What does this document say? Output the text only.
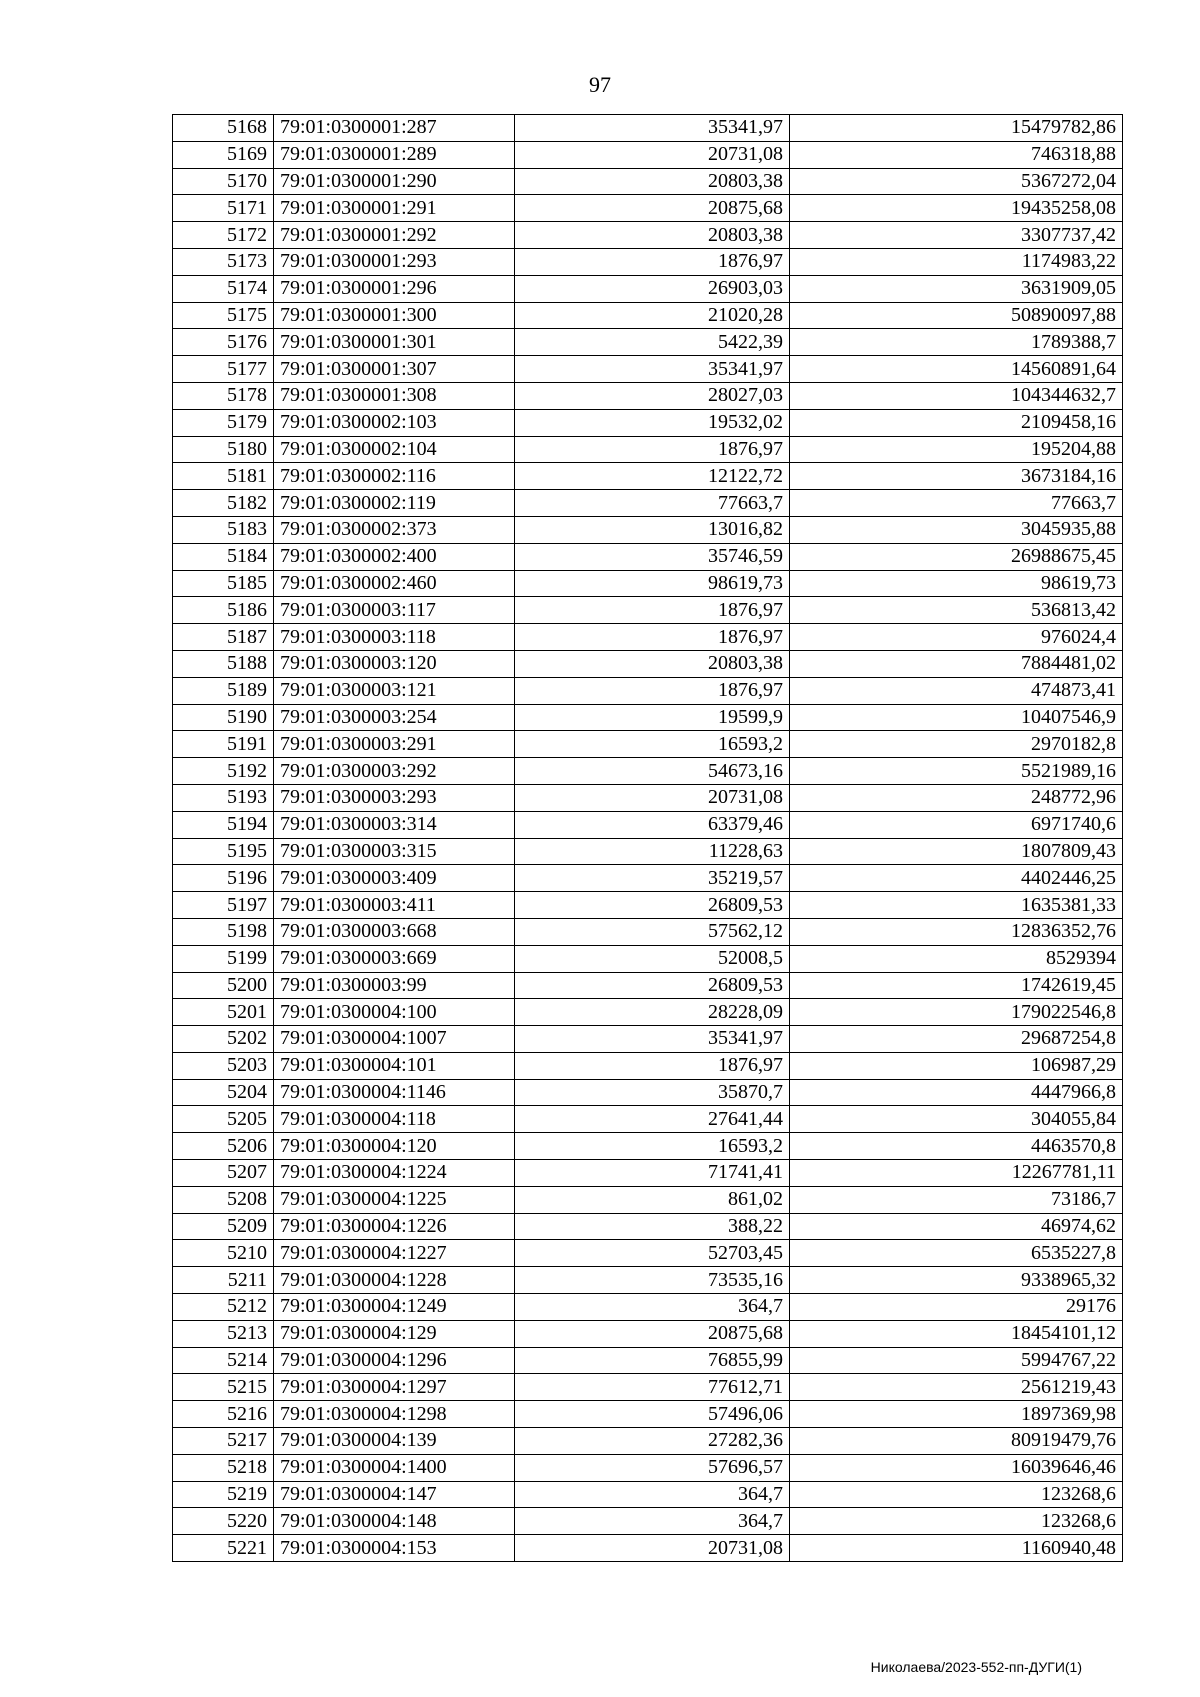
97
5168	79:01:0300001:287	35341,97	15479782,86
5169	79:01:0300001:289	20731,08	746318,88
5170	79:01:0300001:290	20803,38	5367272,04
5171	79:01:0300001:291	20875,68	19435258,08
5172	79:01:0300001:292	20803,38	3307737,42
5173	79:01:0300001:293	1876,97	1174983,22
5174	79:01:0300001:296	26903,03	3631909,05
5175	79:01:0300001:300	21020,28	50890097,88
5176	79:01:0300001:301	5422,39	1789388,7
5177	79:01:0300001:307	35341,97	14560891,64
5178	79:01:0300001:308	28027,03	104344632,7
5179	79:01:0300002:103	19532,02	2109458,16
5180	79:01:0300002:104	1876,97	195204,88
5181	79:01:0300002:116	12122,72	3673184,16
5182	79:01:0300002:119	77663,7	77663,7
5183	79:01:0300002:373	13016,82	3045935,88
5184	79:01:0300002:400	35746,59	26988675,45
5185	79:01:0300002:460	98619,73	98619,73
5186	79:01:0300003:117	1876,97	536813,42
5187	79:01:0300003:118	1876,97	976024,4
5188	79:01:0300003:120	20803,38	7884481,02
5189	79:01:0300003:121	1876,97	474873,41
5190	79:01:0300003:254	19599,9	10407546,9
5191	79:01:0300003:291	16593,2	2970182,8
5192	79:01:0300003:292	54673,16	5521989,16
5193	79:01:0300003:293	20731,08	248772,96
5194	79:01:0300003:314	63379,46	6971740,6
5195	79:01:0300003:315	11228,63	1807809,43
5196	79:01:0300003:409	35219,57	4402446,25
5197	79:01:0300003:411	26809,53	1635381,33
5198	79:01:0300003:668	57562,12	12836352,76
5199	79:01:0300003:669	52008,5	8529394
5200	79:01:0300003:99	26809,53	1742619,45
5201	79:01:0300004:100	28228,09	179022546,8
5202	79:01:0300004:1007	35341,97	29687254,8
5203	79:01:0300004:101	1876,97	106987,29
5204	79:01:0300004:1146	35870,7	4447966,8
5205	79:01:0300004:118	27641,44	304055,84
5206	79:01:0300004:120	16593,2	4463570,8
5207	79:01:0300004:1224	71741,41	12267781,11
5208	79:01:0300004:1225	861,02	73186,7
5209	79:01:0300004:1226	388,22	46974,62
5210	79:01:0300004:1227	52703,45	6535227,8
5211	79:01:0300004:1228	73535,16	9338965,32
5212	79:01:0300004:1249	364,7	29176
5213	79:01:0300004:129	20875,68	18454101,12
5214	79:01:0300004:1296	76855,99	5994767,22
5215	79:01:0300004:1297	77612,71	2561219,43
5216	79:01:0300004:1298	57496,06	1897369,98
5217	79:01:0300004:139	27282,36	80919479,76
5218	79:01:0300004:1400	57696,57	16039646,46
5219	79:01:0300004:147	364,7	123268,6
5220	79:01:0300004:148	364,7	123268,6
5221	79:01:0300004:153	20731,08	1160940,48
Николаева/2023-552-пп-ДУГИ(1)
